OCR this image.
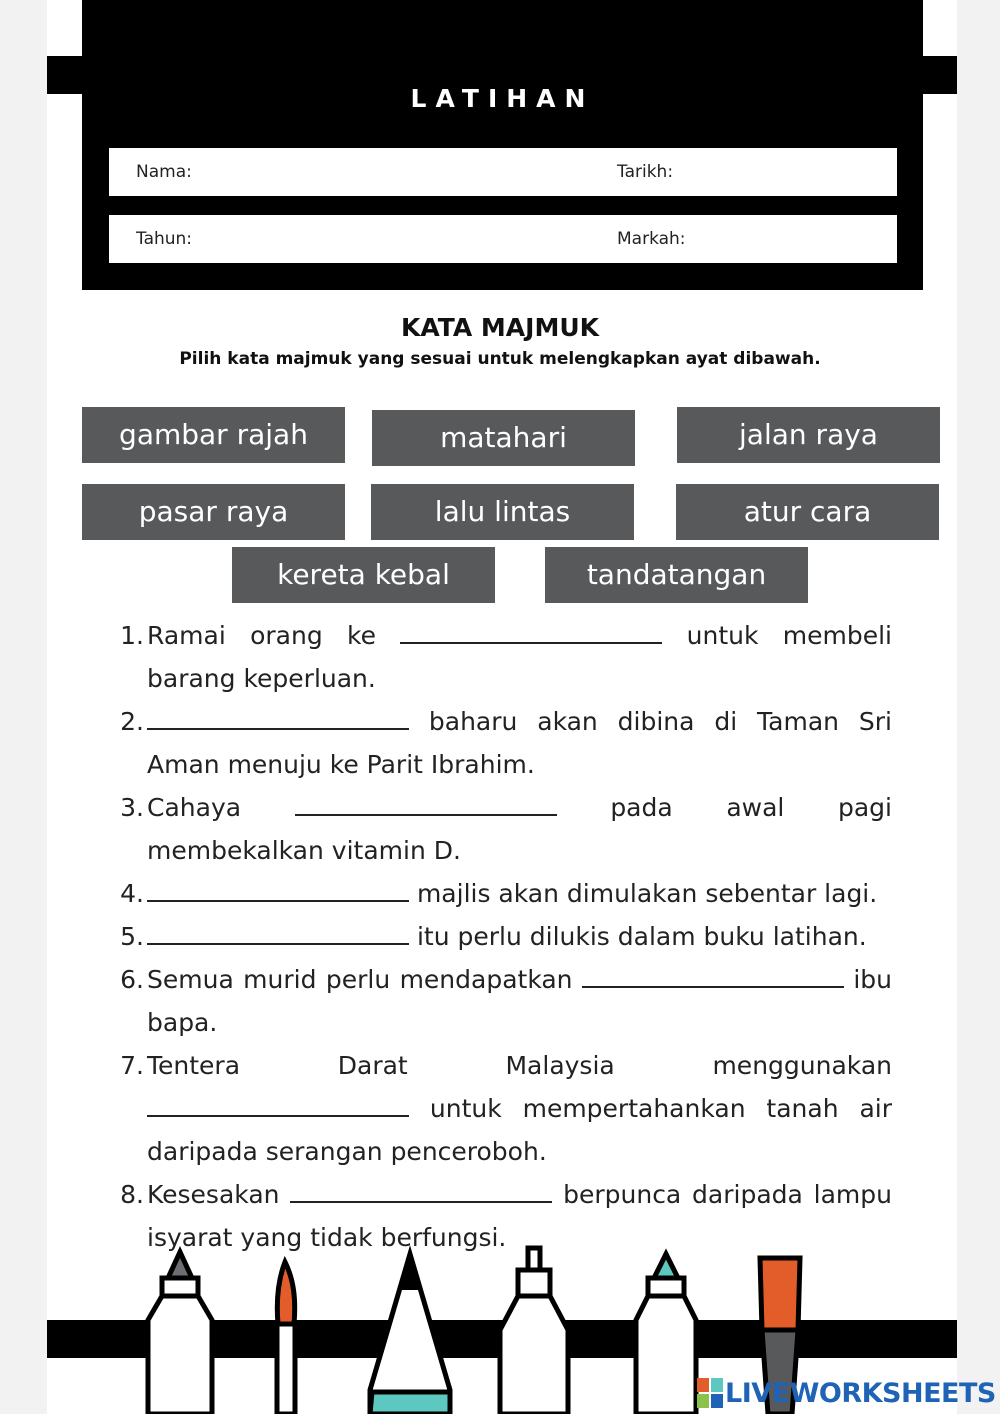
LATIHAN
Nama:	Tarikh:
Tahun:	Markah:
KATA MAJMUK
Pilih kata majmuk yang sesuai untuk melengkapkan ayat dibawah.
gambar rajah	matahari	jalan raya
pasar raya	lalu lintas	atur cara
kereta kebal	tandatangan
1. Ramai orang ke	untuk membeli barang keperluan.
2.	baharu akan dibina di Taman Sri Aman menuju ke Parit Ibrahim.
3. Cahaya	pada awal pagi membekalkan vitamin D.
4.	majlis akan dimulakan sebentar lagi.
5.	itu perlu dilukis dalam buku latihan.
6. Semua murid perlu mendapatkan	ibu bapa.
7. Tentera Darat Malaysia menggunakan  untuk mempertahankan tanah air daripada serangan penceroboh.
8. Kesesakan	berpunca daripada lampu isyarat yang tidak berfungsi.
LIVEWORKSHEETS
